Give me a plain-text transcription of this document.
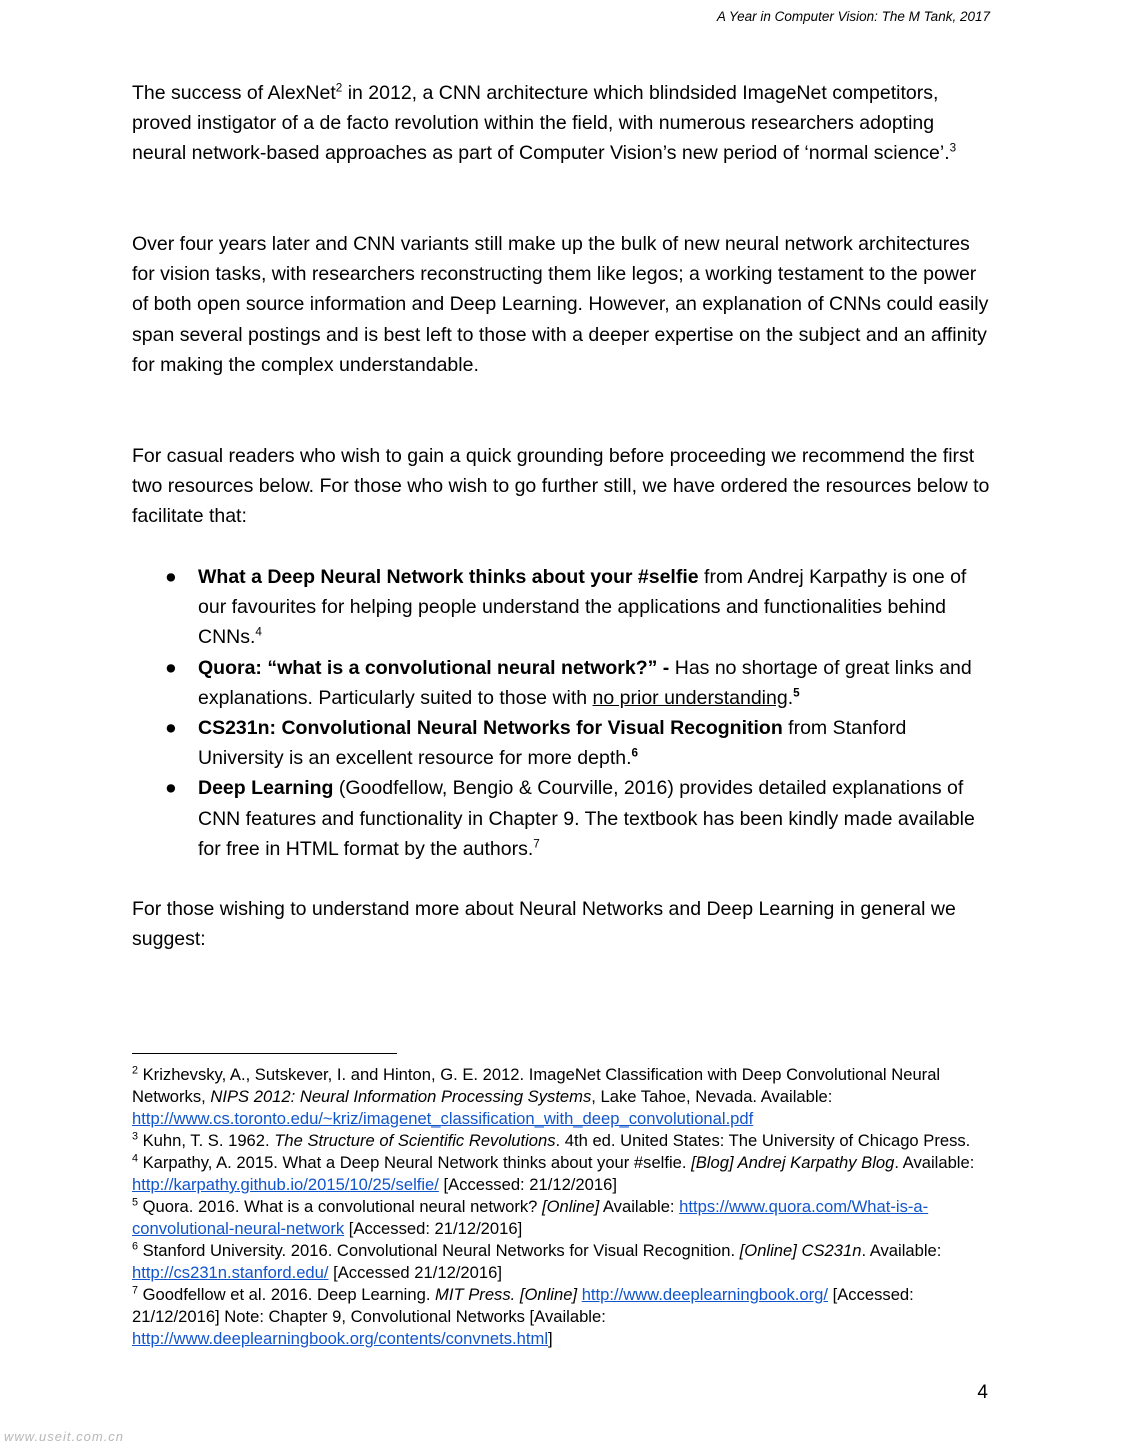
A Year in Computer Vision: The M Tank, 2017

The success of AlexNet$^2$ in 2012, a CNN architecture which blindsided ImageNet competitors, proved instigator of a de facto revolution within the field, with numerous researchers adopting neural network-based approaches as part of Computer Vision’s new period of ‘normal science’.$^3$

Over four years later and CNN variants still make up the bulk of new neural network architectures for vision tasks, with researchers reconstructing them like legos; a working testament to the power of both open source information and Deep Learning. However, an explanation of CNNs could easily span several postings and is best left to those with a deeper expertise on the subject and an affinity for making the complex understandable.

For casual readers who wish to gain a quick grounding before proceeding we recommend the first two resources below. For those who wish to go further still, we have ordered the resources below to facilitate that:

● What a Deep Neural Network thinks about your #selfie from Andrej Karpathy is one of our favourites for helping people understand the applications and functionalities behind CNNs.$^4$
● Quora: “what is a convolutional neural network?” - Has no shortage of great links and explanations. Particularly suited to those with no prior understanding.$^5$
● CS231n: Convolutional Neural Networks for Visual Recognition from Stanford University is an excellent resource for more depth.$^6$
● Deep Learning (Goodfellow, Bengio & Courville, 2016) provides detailed explanations of CNN features and functionality in Chapter 9. The textbook has been kindly made available for free in HTML format by the authors.$^7$

For those wishing to understand more about Neural Networks and Deep Learning in general we suggest:

$^2$ Krizhevsky, A., Sutskever, I. and Hinton, G. E. 2012. ImageNet Classification with Deep Convolutional Neural Networks, NIPS 2012: Neural Information Processing Systems, Lake Tahoe, Nevada. Available: http://www.cs.toronto.edu/~kriz/imagenet_classification_with_deep_convolutional.pdf
$^3$ Kuhn, T. S. 1962. The Structure of Scientific Revolutions. 4th ed. United States: The University of Chicago Press.
$^4$ Karpathy, A. 2015. What a Deep Neural Network thinks about your #selfie. [Blog] Andrej Karpathy Blog. Available: http://karpathy.github.io/2015/10/25/selfie/ [Accessed: 21/12/2016]
$^5$ Quora. 2016. What is a convolutional neural network? [Online] Available: https://www.quora.com/What-is-a-convolutional-neural-network [Accessed: 21/12/2016]
$^6$ Stanford University. 2016. Convolutional Neural Networks for Visual Recognition. [Online] CS231n. Available: http://cs231n.stanford.edu/ [Accessed 21/12/2016]
$^7$ Goodfellow et al. 2016. Deep Learning. MIT Press. [Online] http://www.deeplearningbook.org/ [Accessed: 21/12/2016] Note: Chapter 9, Convolutional Networks [Available: http://www.deeplearningbook.org/contents/convnets.html]
4
www.useit.com.cn
